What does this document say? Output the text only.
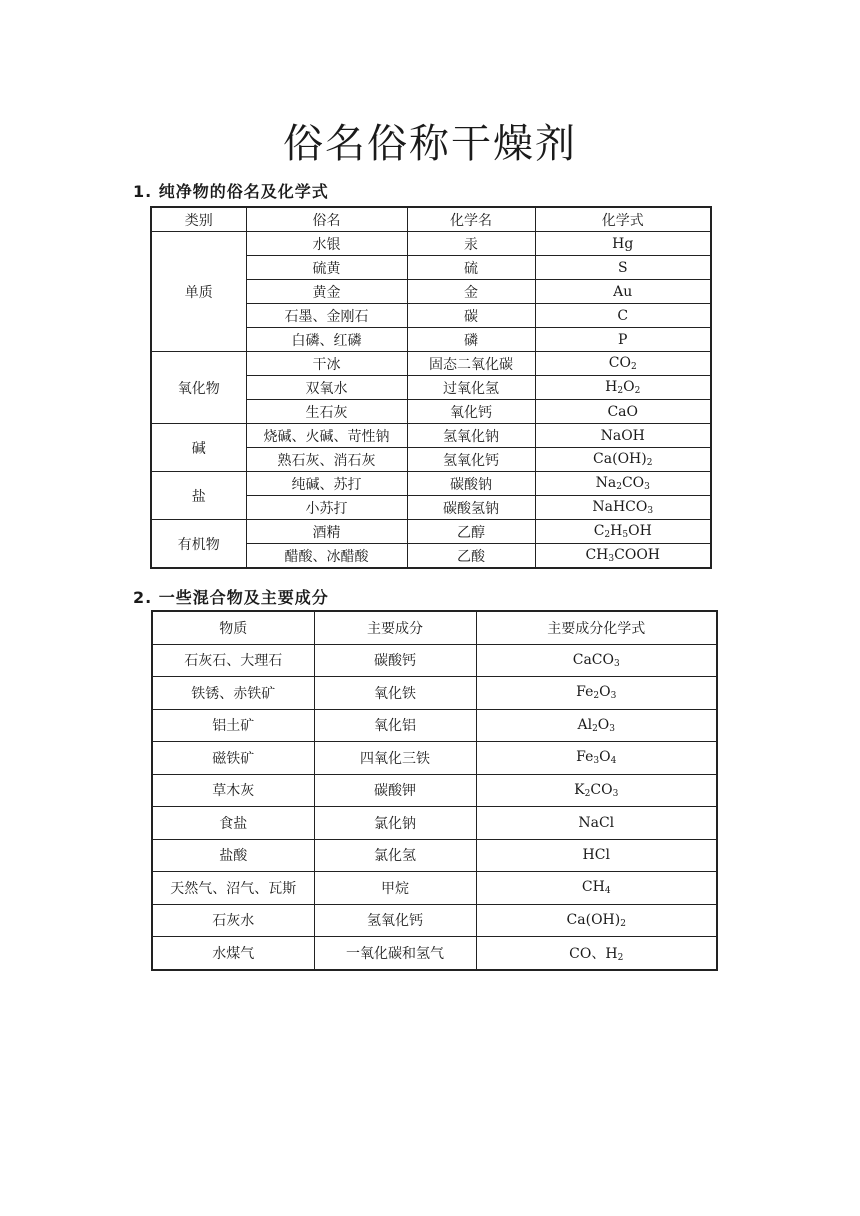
俗名俗称干燥剂
1. 纯净物的俗名及化学式
类别	俗名	化学名	化学式
单质	水银	汞	Hg
	硫黄	硫	S
	黄金	金	Au
	石墨、金刚石	碳	C
	白磷、红磷	磷	P
氧化物	干冰	固态二氧化碳	$CO_2$
	双氧水	过氧化氢	$H_2O_2$
	生石灰	氧化钙	CaO
碱	烧碱、火碱、苛性钠	氢氧化钠	NaOH
	熟石灰、消石灰	氢氧化钙	$Ca(OH)_2$
盐	纯碱、苏打	碳酸钠	$Na_2CO_3$
	小苏打	碳酸氢钠	NaHCO$_3$
有机物	酒精	乙醇	$C_2H_5OH$
	醋酸、冰醋酸	乙酸	$CH_3COOH$
2. 一些混合物及主要成分
物质	主要成分	主要成分化学式
石灰石、大理石	碳酸钙	CaCO$_3$
铁锈、赤铁矿	氧化铁	$Fe_2O_3$
铝土矿	氧化铝	$Al_2O_3$
磁铁矿	四氧化三铁	$Fe_3O_4$
草木灰	碳酸钾	$K_2CO_3$
食盐	氯化钠	NaCl
盐酸	氯化氢	HCl
天然气、沼气、瓦斯	甲烷	$CH_4$
石灰水	氢氧化钙	$Ca(OH)_2$
水煤气	一氧化碳和氢气	CO、$H_2$
